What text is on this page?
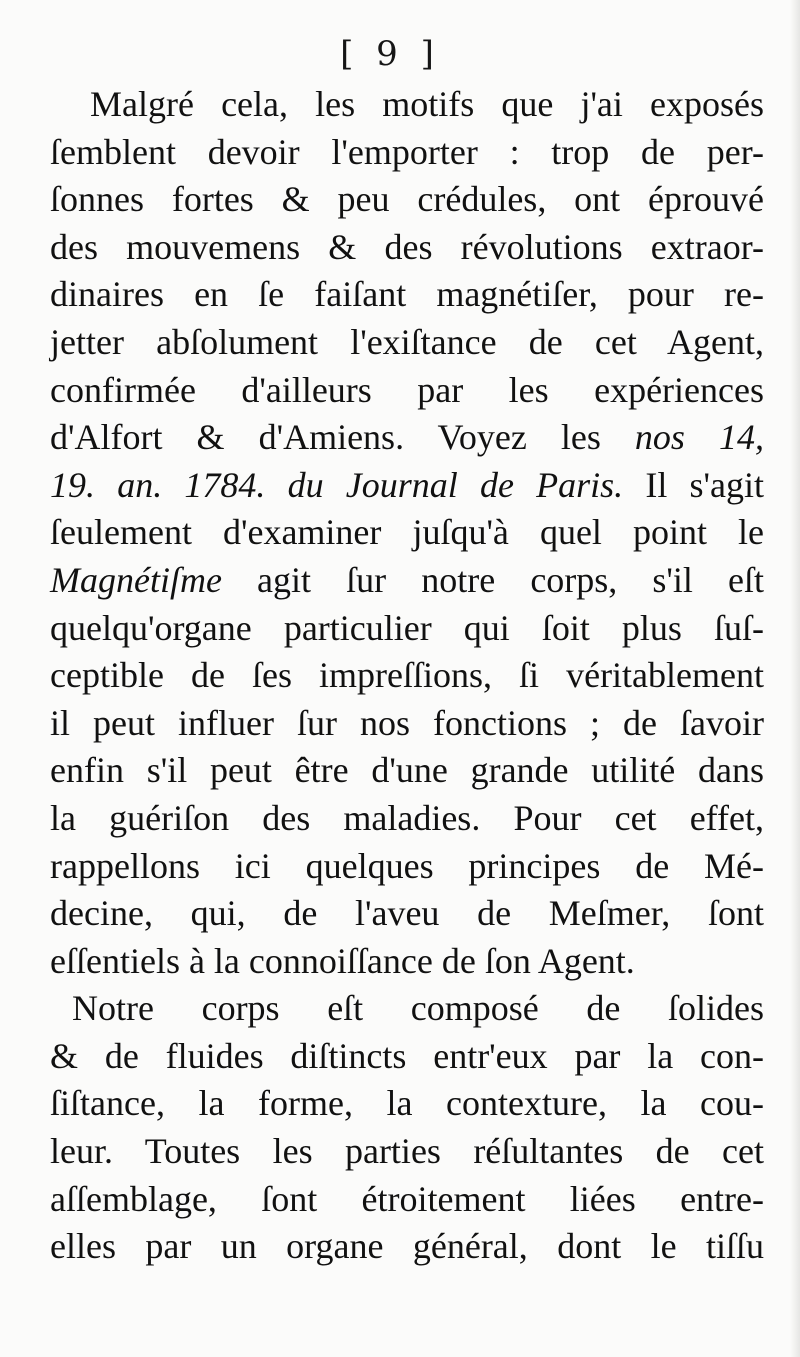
[ 9 ]
Malgré cela, les motifs que j'ai exposés
ſemblent devoir l'emporter : trop de per-
ſonnes fortes & peu crédules, ont éprouvé
des mouvemens & des révolutions extraor-
dinaires en ſe faiſant magnétiſer, pour re-
jetter abſolument l'exiſtance de cet Agent,
confirmée d'ailleurs par les expériences
d'Alfort & d'Amiens. Voyez les nos 14,
19. an. 1784. du Journal de Paris. Il s'agit
ſeulement d'examiner juſqu'à quel point le
Magnétiſme agit ſur notre corps, s'il eſt
quelqu'organe particulier qui ſoit plus ſuſ-
ceptible de ſes impreſſions, ſi véritablement
il peut influer ſur nos fonctions ; de ſavoir
enfin s'il peut être d'une grande utilité dans
la guériſon des maladies. Pour cet effet,
rappellons ici quelques principes de Mé-
decine, qui, de l'aveu de Meſmer, ſont
eſſentiels à la connoiſſance de ſon Agent.
Notre corps eſt composé de ſolides
& de fluides diſtincts entr'eux par la con-
ſiſtance, la forme, la contexture, la cou-
leur. Toutes les parties réſultantes de cet
aſſemblage, ſont étroitement liées entre-
elles par un organe général, dont le tiſſu
